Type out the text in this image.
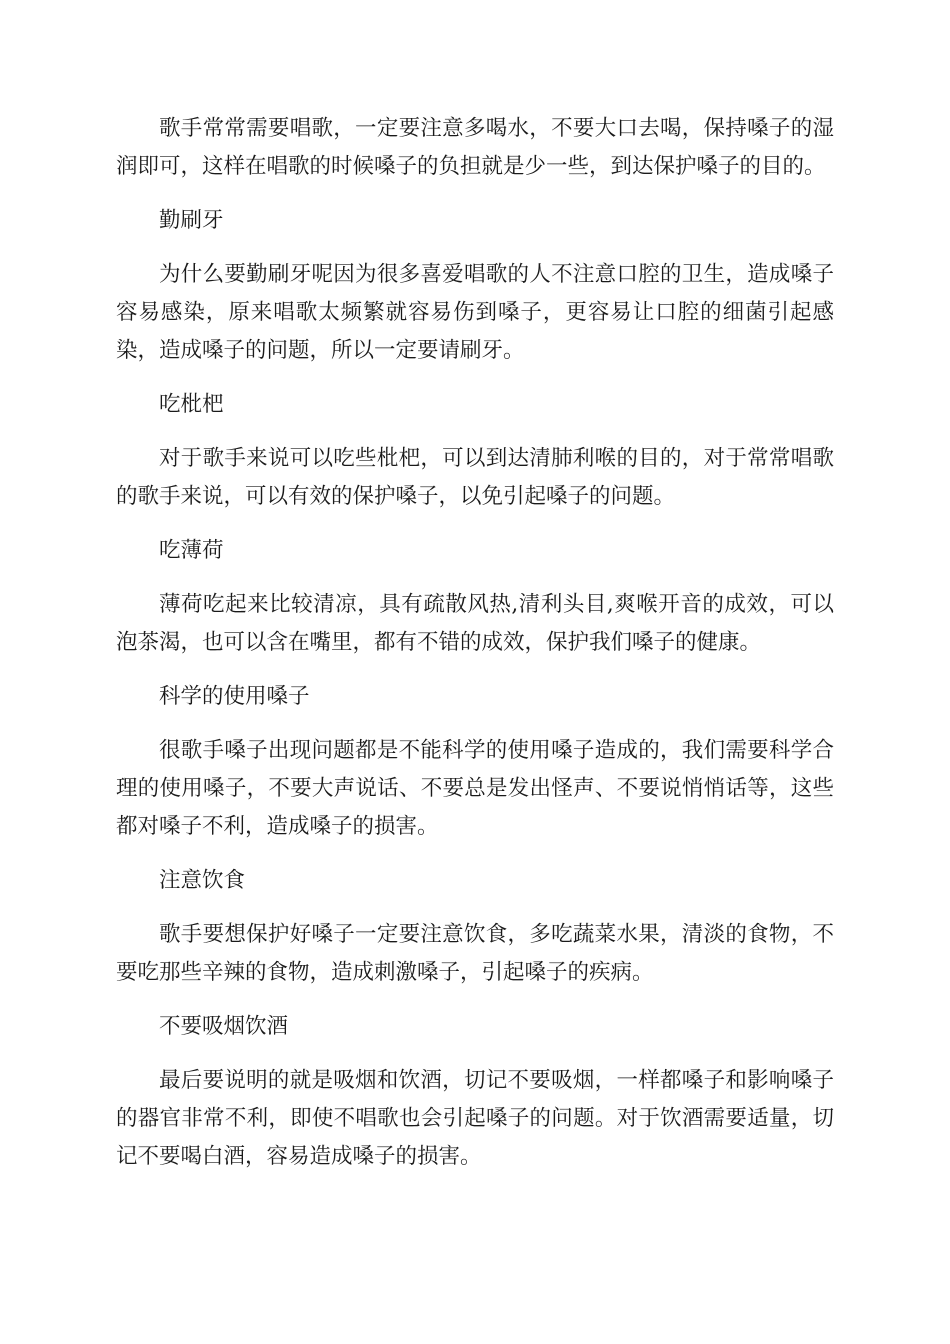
歌手常常需要唱歌，一定要注意多喝水，不要大口去喝，保持嗓子的湿润即可，这样在唱歌的时候嗓子的负担就是少一些，到达保护嗓子的目的。

勤刷牙

为什么要勤刷牙呢因为很多喜爱唱歌的人不注意口腔的卫生，造成嗓子容易感染，原来唱歌太频繁就容易伤到嗓子，更容易让口腔的细菌引起感染，造成嗓子的问题，所以一定要请刷牙。

吃枇杷

对于歌手来说可以吃些枇杷，可以到达清肺利喉的目的，对于常常唱歌的歌手来说，可以有效的保护嗓子，以免引起嗓子的问题。

吃薄荷

薄荷吃起来比较清凉，具有疏散风热,清利头目,爽喉开音的成效，可以泡茶渴，也可以含在嘴里，都有不错的成效，保护我们嗓子的健康。

科学的使用嗓子

很歌手嗓子出现问题都是不能科学的使用嗓子造成的，我们需要科学合理的使用嗓子，不要大声说话、不要总是发出怪声、不要说悄悄话等，这些都对嗓子不利，造成嗓子的损害。

注意饮食

歌手要想保护好嗓子一定要注意饮食，多吃蔬菜水果，清淡的食物，不要吃那些辛辣的食物，造成刺激嗓子，引起嗓子的疾病。

不要吸烟饮酒

最后要说明的就是吸烟和饮酒，切记不要吸烟，一样都嗓子和影响嗓子的器官非常不利，即使不唱歌也会引起嗓子的问题。对于饮酒需要适量，切记不要喝白酒，容易造成嗓子的损害。
